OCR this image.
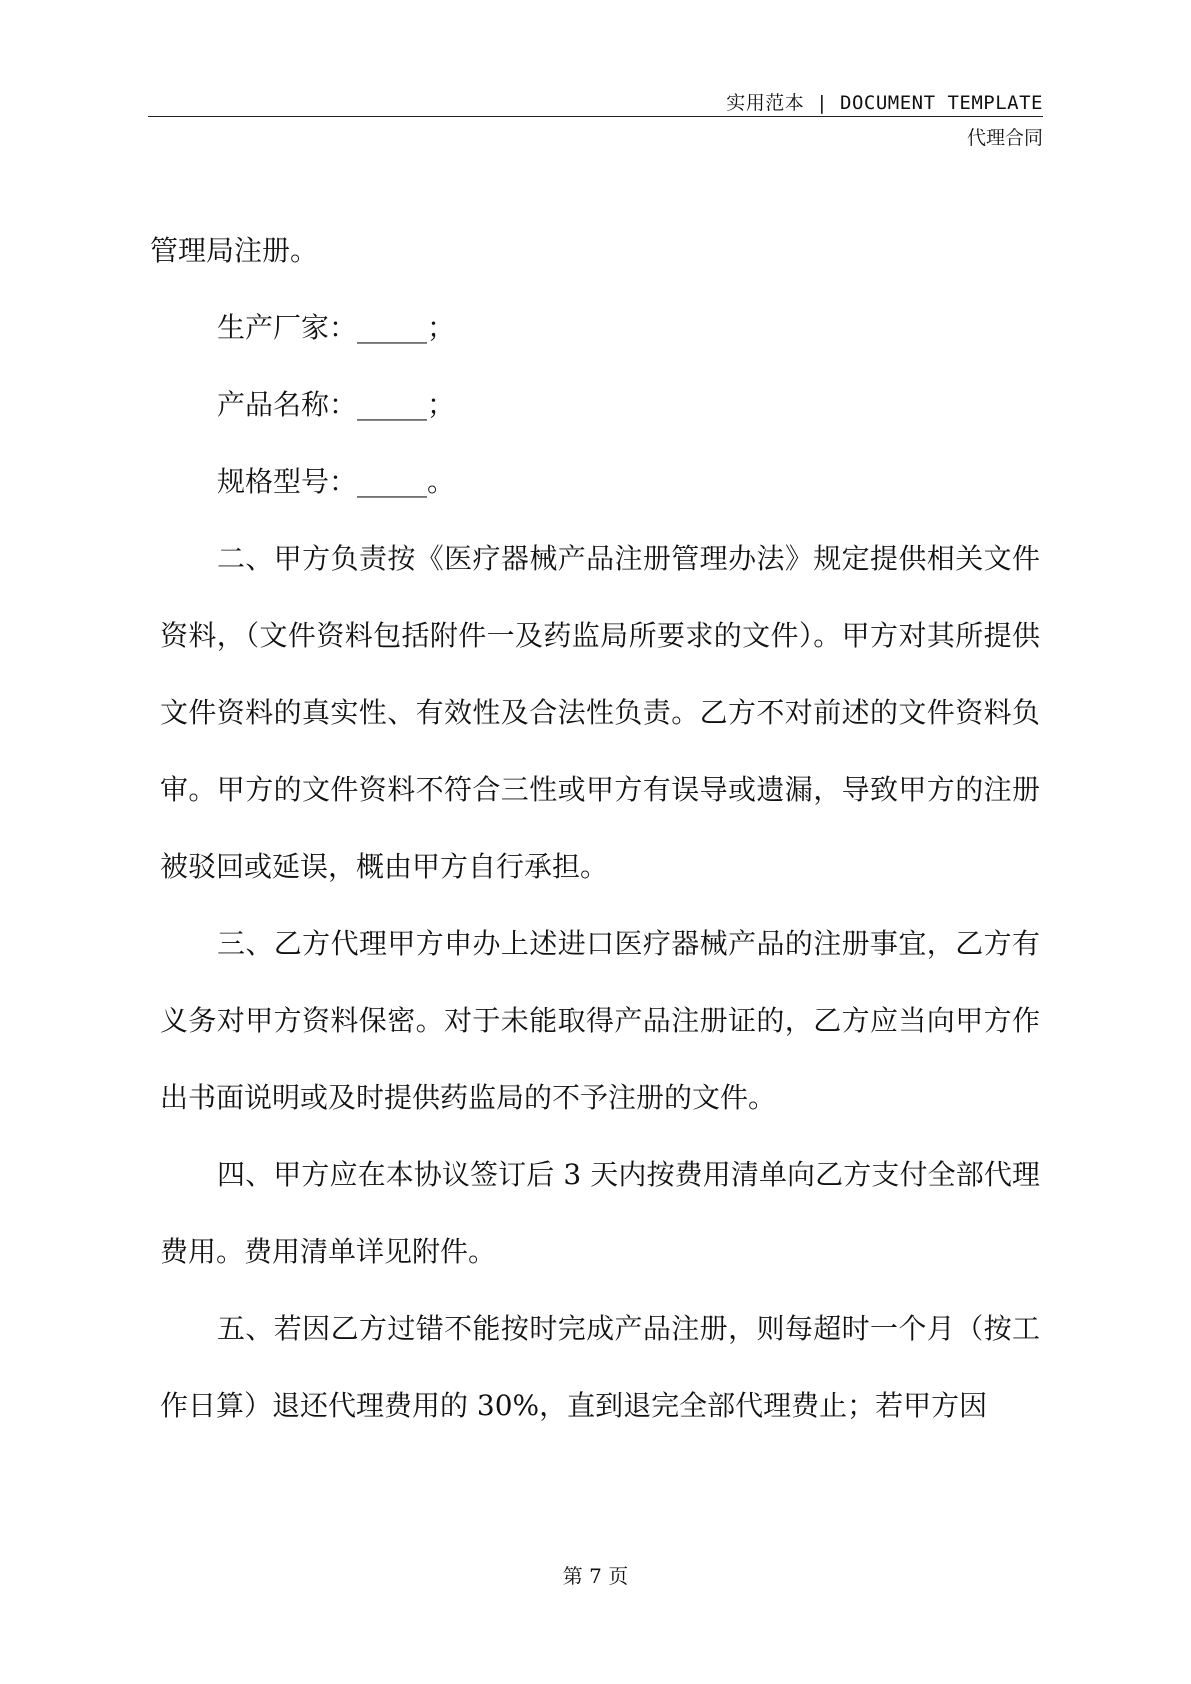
实用范本 | DOCUMENT TEMPLATE
代理合同

管理局注册。

生产厂家：_____；

产品名称：_____；

规格型号：_____。

二、甲方负责按《医疗器械产品注册管理办法》规定提供相关文件资料，（文件资料包括附件一及药监局所要求的文件）。甲方对其所提供文件资料的真实性、有效性及合法性负责。乙方不对前述的文件资料负审。甲方的文件资料不符合三性或甲方有误导或遗漏，导致甲方的注册被驳回或延误，概由甲方自行承担。

三、乙方代理甲方申办上述进口医疗器械产品的注册事宜，乙方有义务对甲方资料保密。对于未能取得产品注册证的，乙方应当向甲方作出书面说明或及时提供药监局的不予注册的文件。

四、甲方应在本协议签订后 3 天内按费用清单向乙方支付全部代理费用。费用清单详见附件。

五、若因乙方过错不能按时完成产品注册，则每超时一个月（按工作日算）退还代理费用的 30%，直到退完全部代理费止；若甲方因

第 7 页
